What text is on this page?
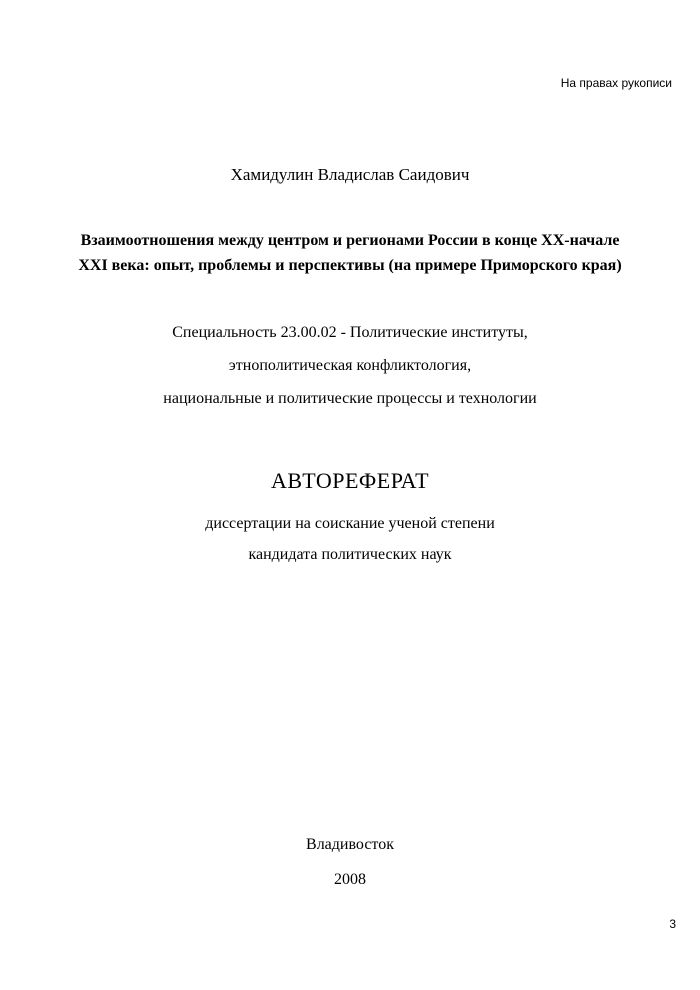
На правах рукописи
Хамидулин Владислав Саидович
Взаимоотношения между центром и регионами России в конце XX-начале
XXI века: опыт, проблемы и перспективы (на примере Приморского края)
Специальность 23.00.02 - Политические институты,
этнополитическая конфликтология,
национальные и политические процессы и технологии
АВТОРЕФЕРАТ
диссертации на соискание ученой степени
кандидата политических наук
Владивосток
2008
3
